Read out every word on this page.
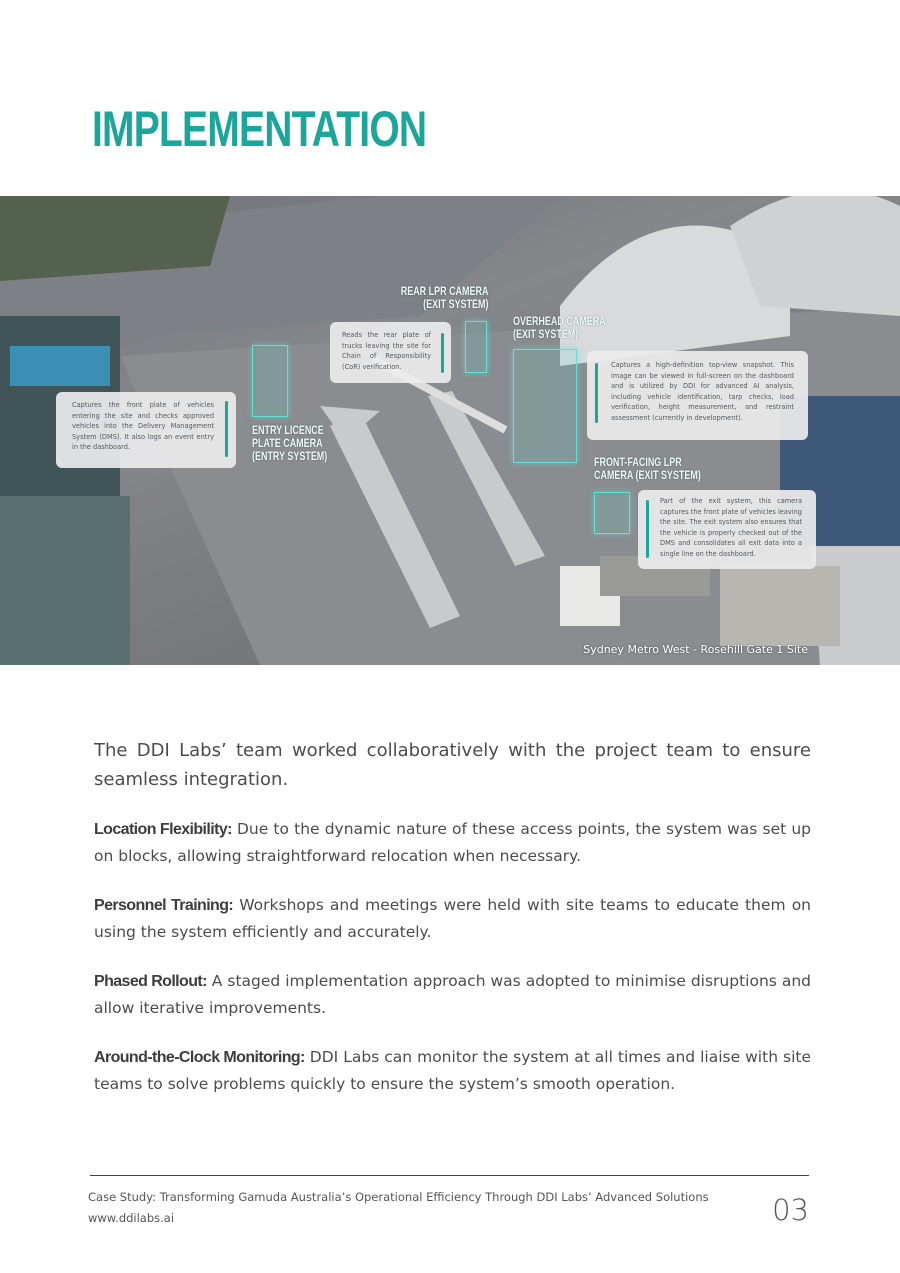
IMPLEMENTATION
ENTRY LICENCE
PLATE CAMERA
(ENTRY SYSTEM)
REAR LPR CAMERA
(EXIT SYSTEM)
OVERHEAD CAMERA
(EXIT SYSTEM)
FRONT-FACING LPR
CAMERA (EXIT SYSTEM)
Captures the front plate of vehicles entering the site and checks approved vehicles into the Delivery Management System (DMS). It also logs an event entry in the dashboard.
Reads the rear plate of trucks leaving the site for Chain of Responsibility (CoR) verification.	Captures a high-definition top-view snapshot. This image can be viewed in full-screen on the dashboard and is utilized by DDI for advanced AI analysis, including vehicle identification, tarp checks, load verification, height measurement, and restraint assessment (currently in development).
Part of the exit system, this camera captures the front plate of vehicles leaving the site. The exit system also ensures that the vehicle is properly checked out of the DMS and consolidates all exit data into a single line on the dashboard.
Sydney Metro West - Rosehill Gate 1 Site

The DDI Labs’ team worked collaboratively with the project team to ensure seamless integration.

Location Flexibility: Due to the dynamic nature of these access points, the system was set up on blocks, allowing straightforward relocation when necessary.

Personnel Training: Workshops and meetings were held with site teams to educate them on using the system efficiently and accurately.

Phased Rollout: A staged implementation approach was adopted to minimise disruptions and allow iterative improvements.

Around-the-Clock Monitoring: DDI Labs can monitor the system at all times and liaise with site teams to solve problems quickly to ensure the system’s smooth operation.

Case Study: Transforming Gamuda Australia’s Operational Efficiency Through DDI Labs’ Advanced Solutions
www.ddilabs.ai	03
